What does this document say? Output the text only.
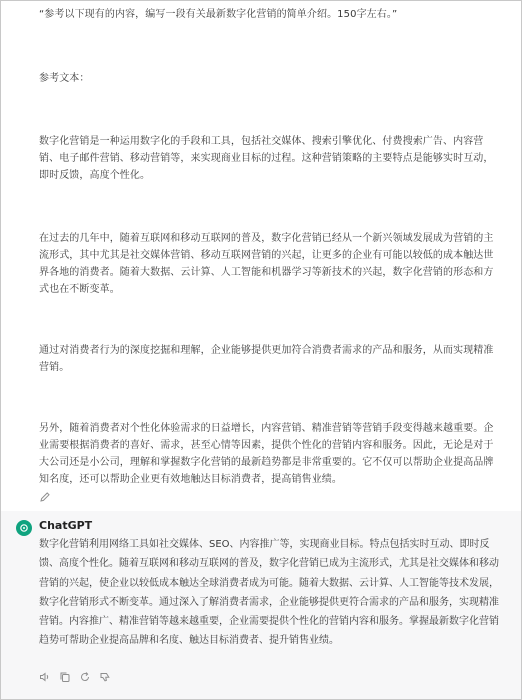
“参考以下现有的内容，编写一段有关最新数字化营销的简单介绍。150字左右。”

参考文本：

数字化营销是一种运用数字化的手段和工具，包括社交媒体、搜索引擎优化、付费搜索广告、内容营销、电子邮件营销、移动营销等，来实现商业目标的过程。这种营销策略的主要特点是能够实时互动，即时反馈，高度个性化。

在过去的几年中，随着互联网和移动互联网的普及，数字化营销已经从一个新兴领域发展成为营销的主流形式，其中尤其是社交媒体营销、移动互联网营销的兴起，让更多的企业有可能以较低的成本触达世界各地的消费者。随着大数据、云计算、人工智能和机器学习等新技术的兴起，数字化营销的形态和方式也在不断变革。

通过对消费者行为的深度挖掘和理解，企业能够提供更加符合消费者需求的产品和服务，从而实现精准营销。

另外，随着消费者对个性化体验需求的日益增长，内容营销、精准营销等营销手段变得越来越重要。企业需要根据消费者的喜好、需求，甚至心情等因素，提供个性化的营销内容和服务。因此，无论是对于大公司还是小公司，理解和掌握数字化营销的最新趋势都是非常重要的。它不仅可以帮助企业提高品牌知名度，还可以帮助企业更有效地触达目标消费者，提高销售业绩。

ChatGPT

数字化营销利用网络工具如社交媒体、SEO、内容推广等，实现商业目标。特点包括实时互动、即时反馈、高度个性化。随着互联网和移动互联网的普及，数字化营销已成为主流形式，尤其是社交媒体和移动营销的兴起，使企业以较低成本触达全球消费者成为可能。随着大数据、云计算、人工智能等技术发展，数字化营销形式不断变革。通过深入了解消费者需求，企业能够提供更符合需求的产品和服务，实现精准营销。内容推广、精准营销等越来越重要，企业需要提供个性化的营销内容和服务。掌握最新数字化营销趋势可帮助企业提高品牌和名度、触达目标消费者、提升销售业绩。
